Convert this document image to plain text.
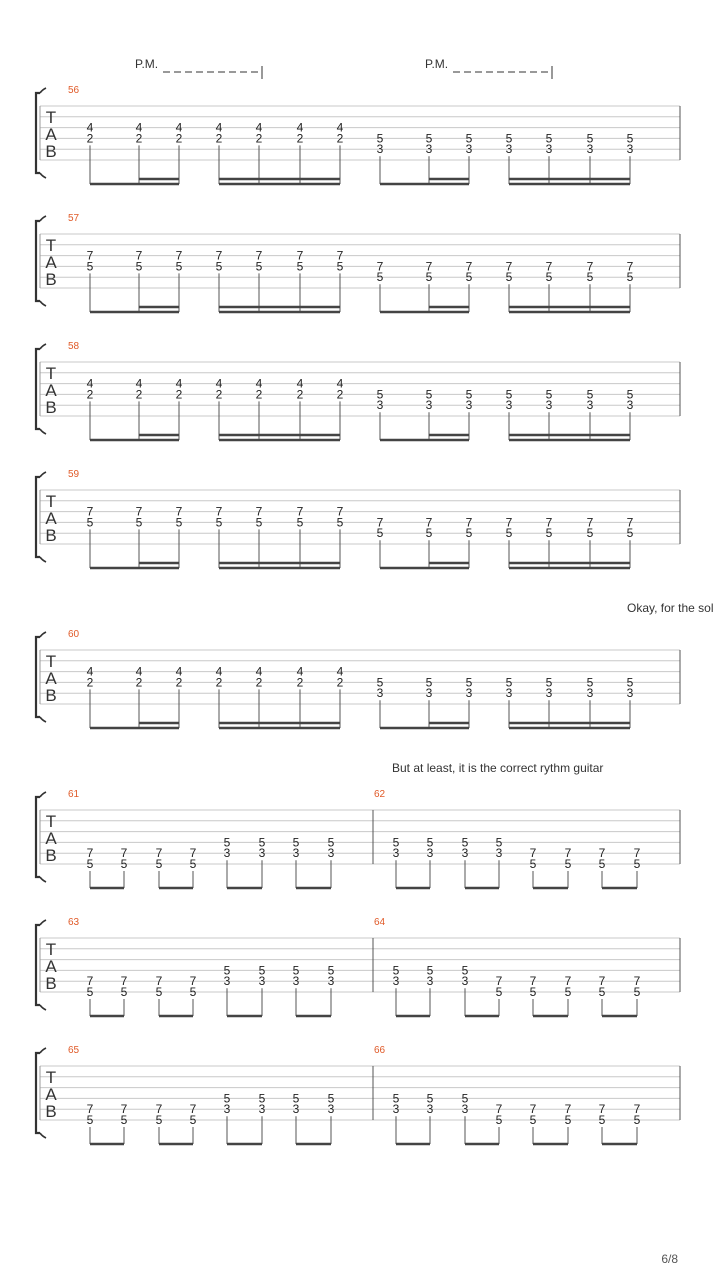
P.M.	P.M.
Okay, for the sol
But at least, it is the correct rythm guitar
T
A
B
56
4
2
4
2
4
2
4
2
4
2
4
2
4
2	5
3
5
3
5
3
5
3
5
3
5
3
5
3
T
A
B
57
7
5
7
5
7
5
7
5
7
5
7
5
7
5	7
5
7
5
7
5
7
5
7
5
7
5
7
5
T
A
B
58
4
2
4
2
4
2
4
2
4
2
4
2
4
2	5
3
5
3
5
3
5
3
5
3
5
3
5
3
T
A
B
59
7
5
7
5
7
5
7
5
7
5
7
5
7
5	7
5
7
5
7
5
7
5
7
5
7
5
7
5
T
A
B
60
4
2
4
2
4
2
4
2
4
2
4
2
4
2	5
3
5
3
5
3
5
3
5
3
5
3
5
3
T
A
B
61
7
5
7
5
7
5
7
5
5
3
5
3
5
3
5
3
62
5
3
5
3
5
3
5
3 7
5
7
5
7
5
7
5
T
A
B
63
7
5
7
5
7
5
7
5
5
3
5
3
5
3
5
3
64
5
3
5
3
5
3 7
5
7
5
7
5
7
5
7
5
T
A
B
65
7
5
7
5
7
5
7
5
5
3
5
3
5
3
5
3
66
5
3
5
3
5
3 7
5
7
5
7
5
7
5
7
5
6/8
